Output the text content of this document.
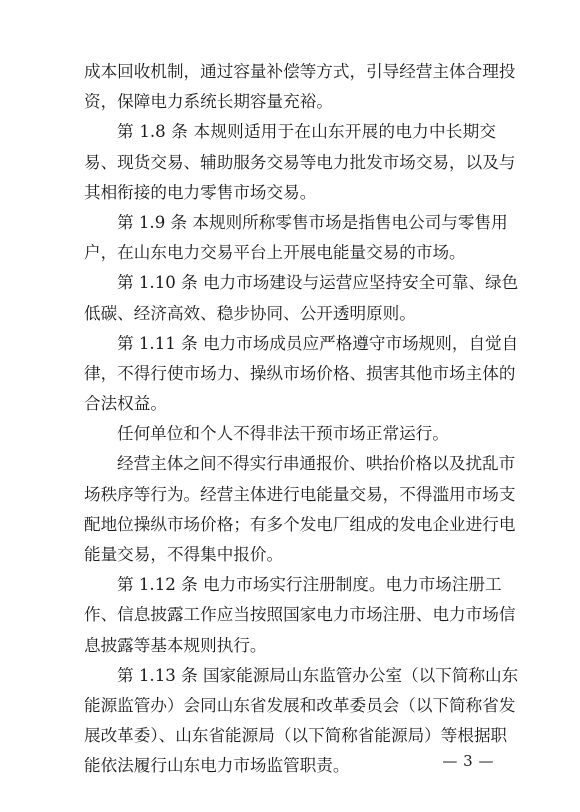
成本回收机制，通过容量补偿等方式，引导经营主体合理投
资，保障电力系统长期容量充裕。
第 1.8 条 本规则适用于在山东开展的电力中长期交
易、现货交易、辅助服务交易等电力批发市场交易，以及与
其相衔接的电力零售市场交易。
第 1.9 条 本规则所称零售市场是指售电公司与零售用
户，在山东电力交易平台上开展电能量交易的市场。
第 1.10 条 电力市场建设与运营应坚持安全可靠、绿色
低碳、经济高效、稳步协同、公开透明原则。
第 1.11 条 电力市场成员应严格遵守市场规则，自觉自
律，不得行使市场力、操纵市场价格、损害其他市场主体的
合法权益。
任何单位和个人不得非法干预市场正常运行。
经营主体之间不得实行串通报价、哄抬价格以及扰乱市
场秩序等行为。经营主体进行电能量交易，不得滥用市场支
配地位操纵市场价格；有多个发电厂组成的发电企业进行电
能量交易，不得集中报价。
第 1.12 条 电力市场实行注册制度。电力市场注册工
作、信息披露工作应当按照国家电力市场注册、电力市场信
息披露等基本规则执行。
第 1.13 条 国家能源局山东监管办公室（以下简称山东
能源监管办）会同山东省发展和改革委员会（以下简称省发
展改革委）、山东省能源局（以下简称省能源局）等根据职
能依法履行山东电力市场监管职责。	— 3 —
